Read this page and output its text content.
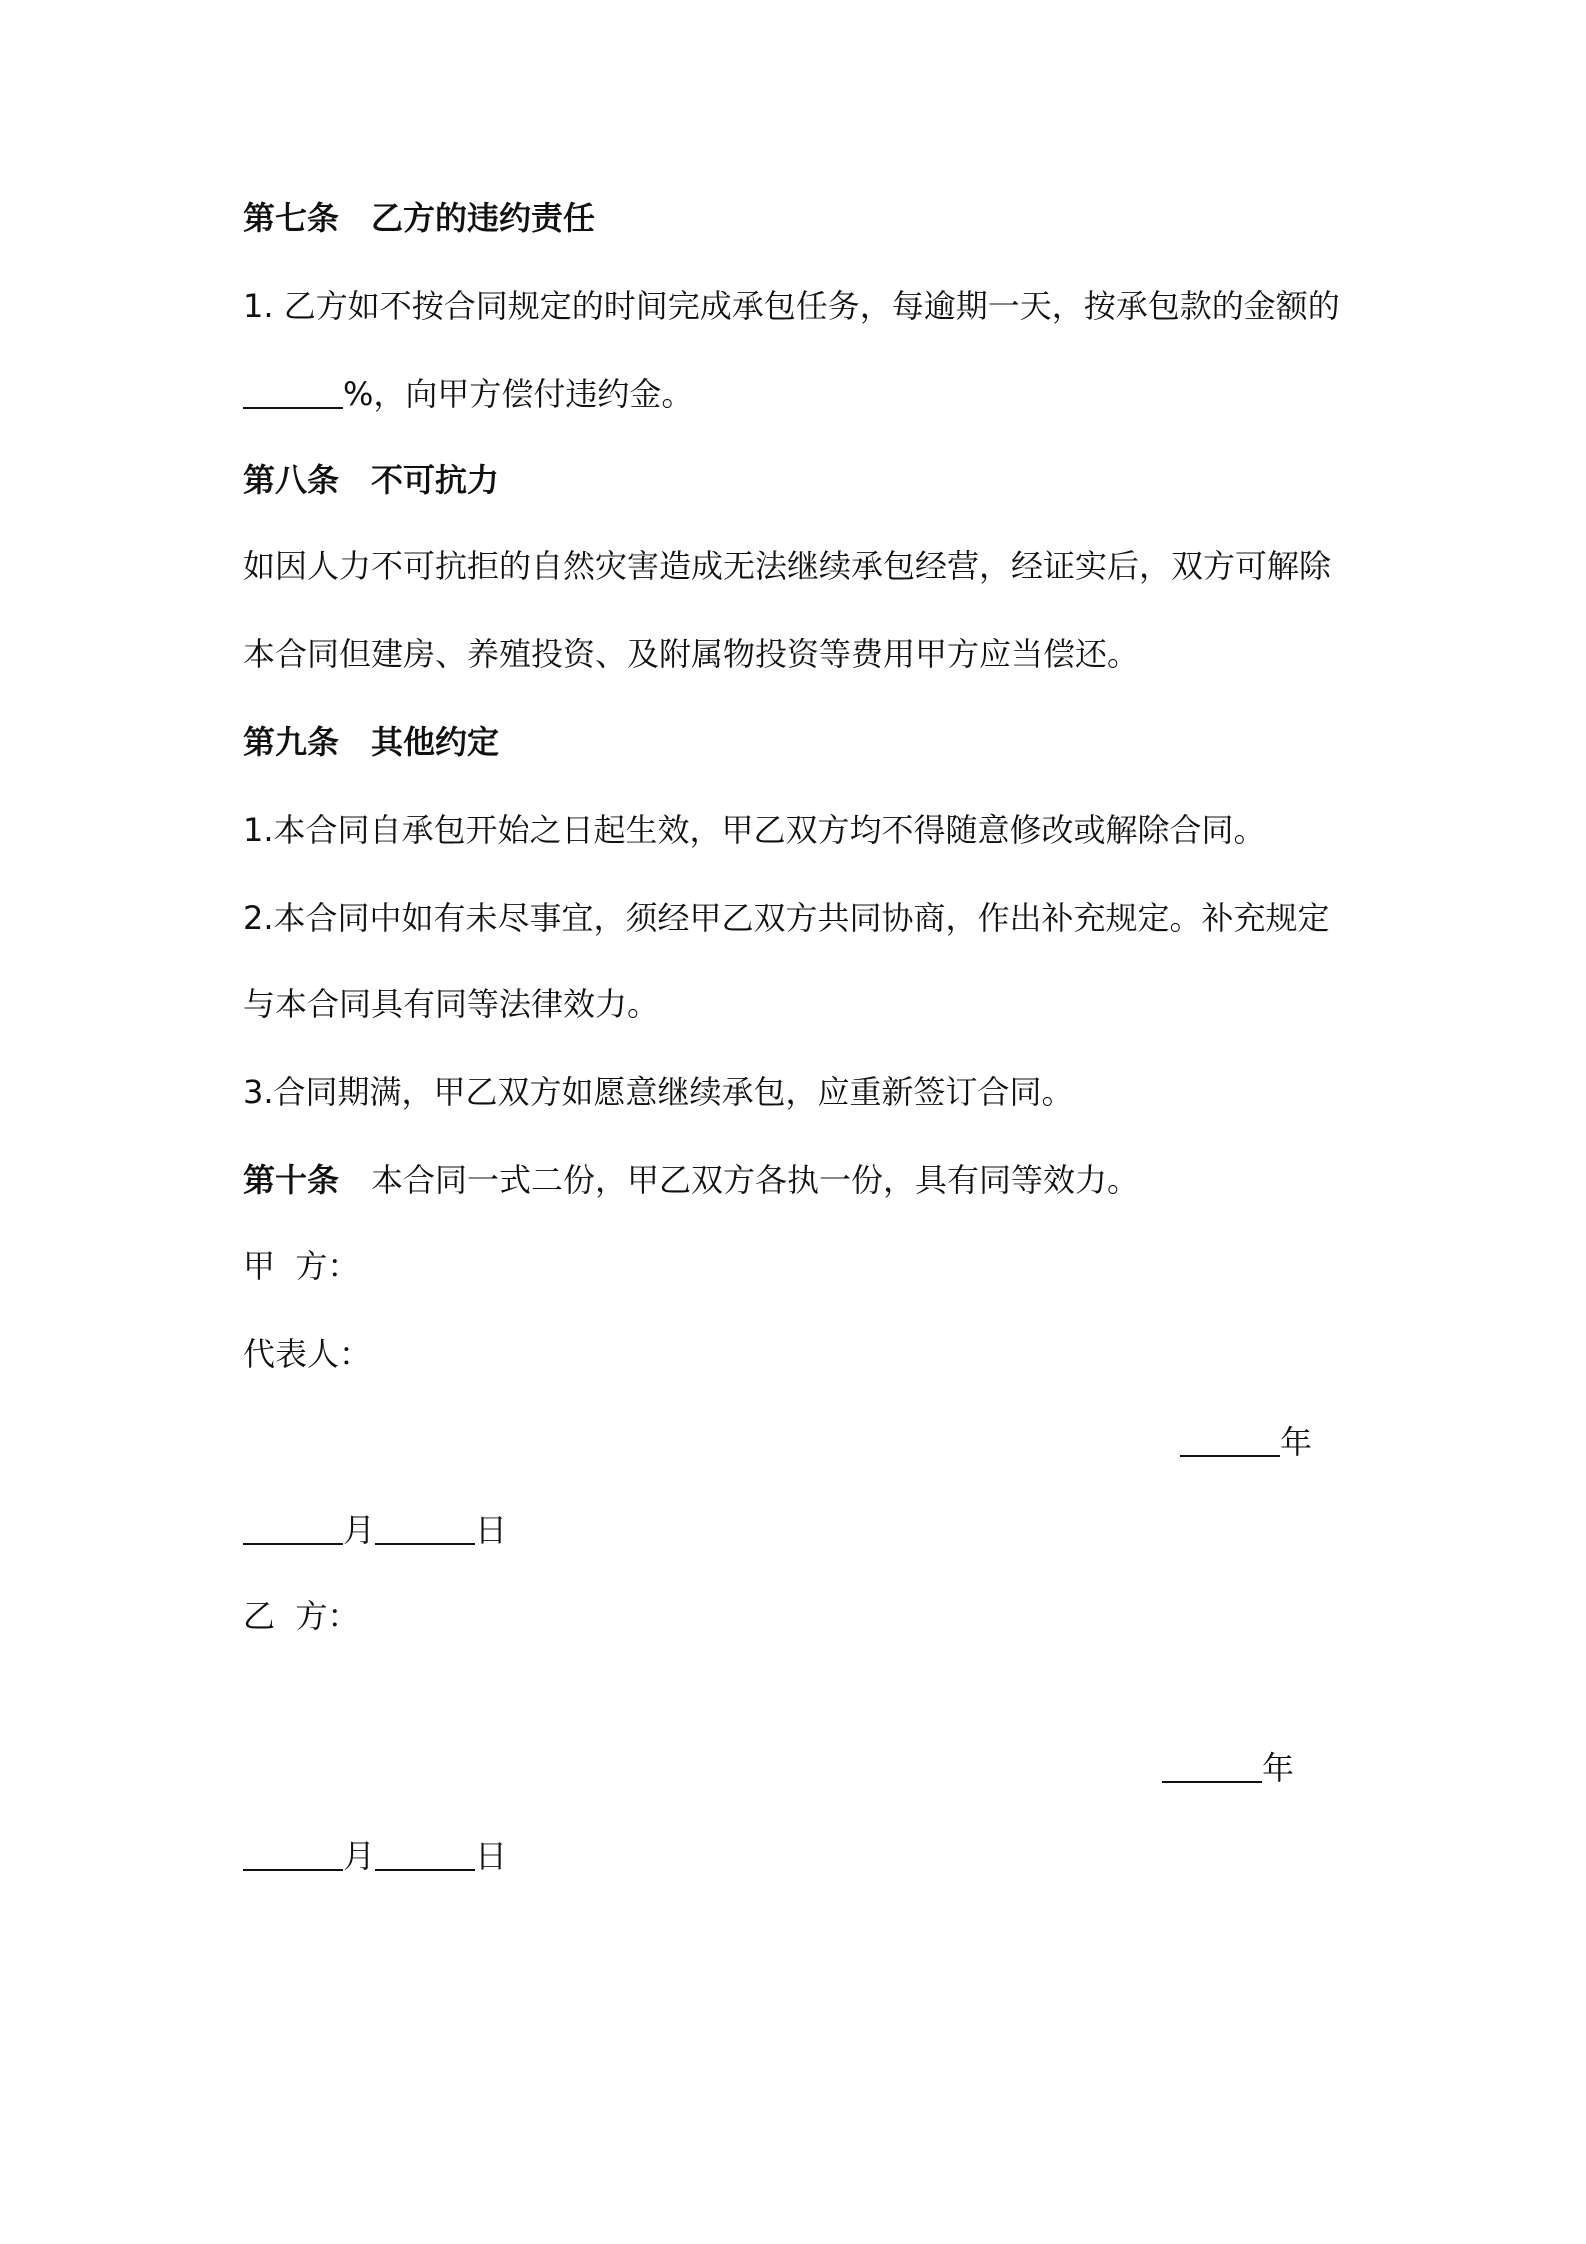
第七条 乙方的违约责任
1. 乙方如不按合同规定的时间完成承包任务，每逾期一天，按承包款的金额的
%，向甲方偿付违约金。
第八条 不可抗力
如因人力不可抗拒的自然灾害造成无法继续承包经营，经证实后，双方可解除
本合同但建房、养殖投资、及附属物投资等费用甲方应当偿还。
第九条 其他约定
1.本合同自承包开始之日起生效，甲乙双方均不得随意修改或解除合同。
2.本合同中如有未尽事宜，须经甲乙双方共同协商，作出补充规定。补充规定
与本合同具有同等法律效力。
3.合同期满，甲乙双方如愿意继续承包，应重新签订合同。
第十条 本合同一式二份，甲乙双方各执一份，具有同等效力。
甲  方：
代表人：
年
月	日
乙  方：
年
月	日
